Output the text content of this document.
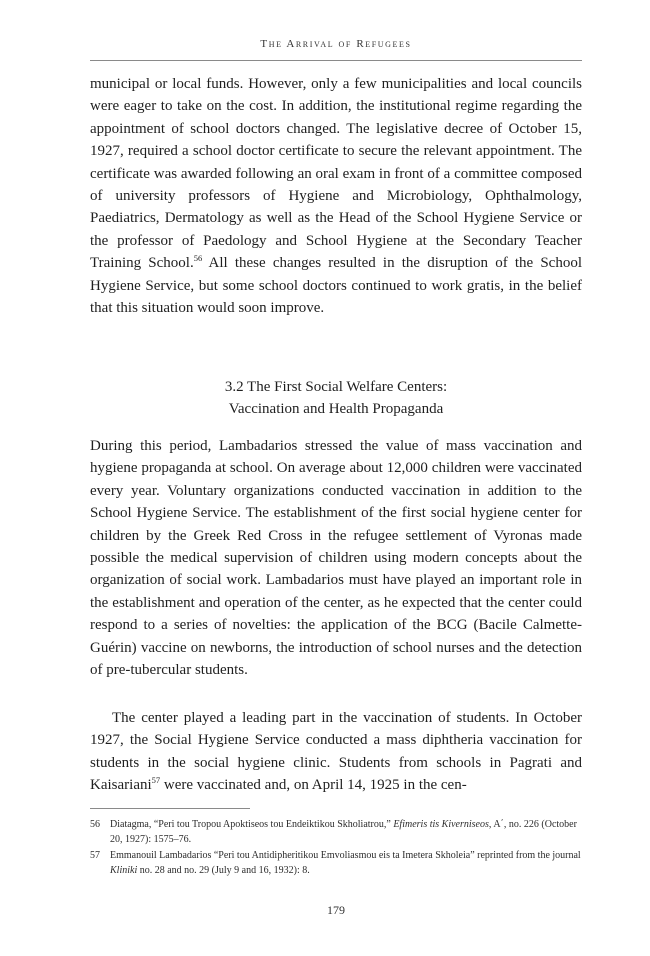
The Arrival of Refugees

municipal or local funds. However, only a few municipalities and local councils were eager to take on the cost. In addition, the institutional regime regarding the appointment of school doctors changed. The legislative decree of October 15, 1927, required a school doctor certificate to secure the relevant appointment. The certificate was awarded following an oral exam in front of a committee composed of university professors of Hygiene and Microbiology, Ophthalmology, Paediatrics, Dermatology as well as the Head of the School Hygiene Service or the professor of Paedology and School Hygiene at the Secondary Teacher Training School.$^{56}$ All these changes resulted in the disruption of the School Hygiene Service, but some school doctors continued to work gratis, in the belief that this situation would soon improve.

3.2 The First Social Welfare Centers:
Vaccination and Health Propaganda

During this period, Lambadarios stressed the value of mass vaccination and hygiene propaganda at school. On average about 12,000 children were vaccinated every year. Voluntary organizations conducted vaccination in addition to the School Hygiene Service. The establishment of the first social hygiene center for children by the Greek Red Cross in the refugee settlement of Vyronas made possible the medical supervision of children using modern concepts about the organization of social work. Lambadarios must have played an important role in the establishment and operation of the center, as he expected that the center could respond to a series of novelties: the application of the BCG (Bacile Calmette-Guérin) vaccine on newborns, the introduction of school nurses and the detection of pre-tubercular students.

The center played a leading part in the vaccination of students. In October 1927, the Social Hygiene Service conducted a mass diphtheria vaccination for students in the social hygiene clinic. Students from schools in Pagrati and Kaisariani$^{57}$ were vaccinated and, on April 14, 1925 in the cen-

56	Diatagma, “Peri tou Tropou Apoktiseos tou Endeiktikou Skholiatrou,” Efimeris tis Kiverniseos, A΄, no. 226 (October 20, 1927): 1575–76.
57	Emmanouil Lambadarios “Peri tou Antidipheritikou Emvoliasmou eis ta Imetera Skholeia” reprinted from the journal Kliniki no. 28 and no. 29 (July 9 and 16, 1932): 8.
179
